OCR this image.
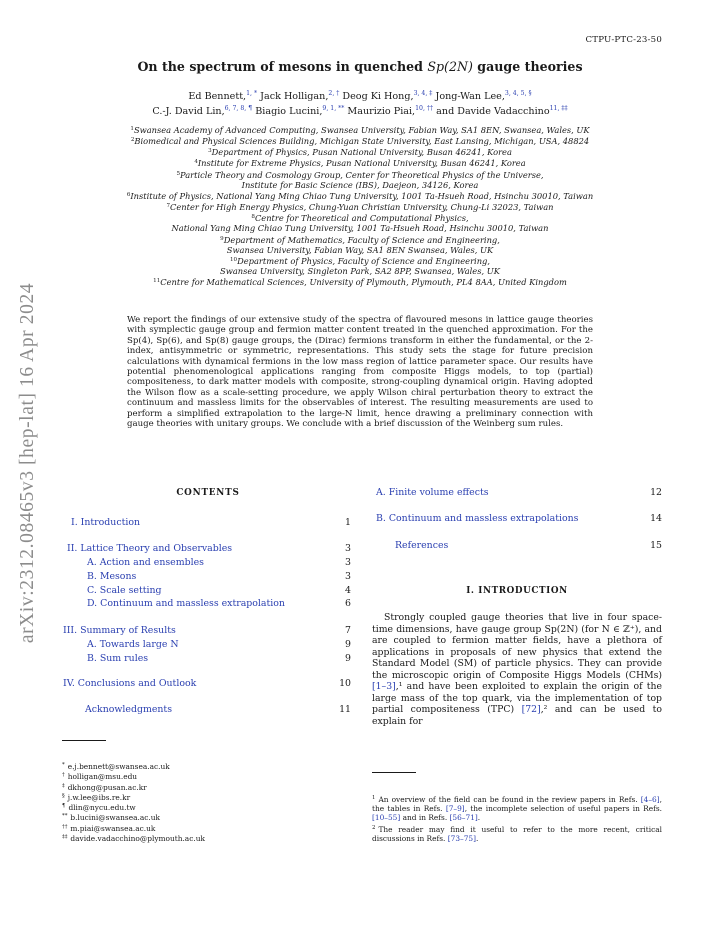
CTPU-PTC-23-50
arXiv:2312.08465v3 [hep-lat] 16 Apr 2024
On the spectrum of mesons in quenched Sp(2N) gauge theories
Ed Bennett,$^{1, *}$ Jack Holligan,$^{2, \dagger}$ Deog Ki Hong,$^{3, 4, \ddagger}$ Jong-Wan Lee,$^{3, 4, 5, \S}$
C.-J. David Lin,$^{6, 7, 8, \P}$ Biagio Lucini,$^{9, 1, **}$ Maurizio Piai,$^{10, \dagger\dagger}$ and Davide Vadacchino$^{11, \ddagger\ddagger}$
$^1$Swansea Academy of Advanced Computing, Swansea University, Fabian Way, SA1 8EN, Swansea, Wales, UK
$^2$Biomedical and Physical Sciences Building, Michigan State University, East Lansing, Michigan, USA, 48824
$^3$Department of Physics, Pusan National University, Busan 46241, Korea
$^4$Institute for Extreme Physics, Pusan National University, Busan 46241, Korea
$^5$Particle Theory and Cosmology Group, Center for Theoretical Physics of the Universe,
Institute for Basic Science (IBS), Daejeon, 34126, Korea
$^6$Institute of Physics, National Yang Ming Chiao Tung University, 1001 Ta-Hsueh Road, Hsinchu 30010, Taiwan
$^7$Center for High Energy Physics, Chung-Yuan Christian University, Chung-Li 32023, Taiwan
$^8$Centre for Theoretical and Computational Physics,
National Yang Ming Chiao Tung University, 1001 Ta-Hsueh Road, Hsinchu 30010, Taiwan
$^9$Department of Mathematics, Faculty of Science and Engineering,
Swansea University, Fabian Way, SA1 8EN Swansea, Wales, UK
$^{10}$Department of Physics, Faculty of Science and Engineering,
Swansea University, Singleton Park, SA2 8PP, Swansea, Wales, UK
$^{11}$Centre for Mathematical Sciences, University of Plymouth, Plymouth, PL4 8AA, United Kingdom
We report the findings of our extensive study of the spectra of flavoured mesons in lattice gauge theories with symplectic gauge group and fermion matter content treated in the quenched approximation. For the Sp(4), Sp(6), and Sp(8) gauge groups, the (Dirac) fermions transform in either the fundamental, or the 2-index, antisymmetric or symmetric, representations. This study sets the stage for future precision calculations with dynamical fermions in the low mass region of lattice parameter space. Our results have potential phenomenological applications ranging from composite Higgs models, to top (partial) compositeness, to dark matter models with composite, strong-coupling dynamical origin. Having adopted the Wilson flow as a scale-setting procedure, we apply Wilson chiral perturbation theory to extract the continuum and massless limits for the observables of interest. The resulting measurements are used to perform a simplified extrapolation to the large-N limit, hence drawing a preliminary connection with gauge theories with unitary groups. We conclude with a brief discussion of the Weinberg sum rules.
CONTENTS
I. Introduction	1
II. Lattice Theory and Observables	3
A. Action and ensembles	3
B. Mesons	3
C. Scale setting	4
D. Continuum and massless extrapolation	6
III. Summary of Results	7
A. Towards large N	9
B. Sum rules	9
IV. Conclusions and Outlook	10
Acknowledgments	11
A. Finite volume effects	12
B. Continuum and massless extrapolations	14
References	15
* e.j.bennett@swansea.ac.uk
† holligan@msu.edu
‡ dkhong@pusan.ac.kr
§ j.w.lee@ibs.re.kr
¶ dlin@nycu.edu.tw
** b.lucini@swansea.ac.uk
†† m.piai@swansea.ac.uk
‡‡ davide.vadacchino@plymouth.ac.uk
I. INTRODUCTION
Strongly coupled gauge theories that live in four space-time dimensions, have gauge group Sp(2N) (for N ∈ ℤ⁺), and are coupled to fermion matter fields, have a plethora of applications in proposals of new physics that extend the Standard Model (SM) of particle physics. They can provide the microscopic origin of Composite Higgs Models (CHMs) [1–3],¹ and have been exploited to explain the origin of the large mass of the top quark, via the implementation of top partial compositeness (TPC) [72],² and can be used to explain for
$^1$ An overview of the field can be found in the review papers in Refs. [4–6], the tables in Refs. [7–9], the incomplete selection of useful papers in Refs. [10–55] and in Refs. [56–71].
$^2$ The reader may find it useful to refer to the more recent, critical discussions in Refs. [73–75].
